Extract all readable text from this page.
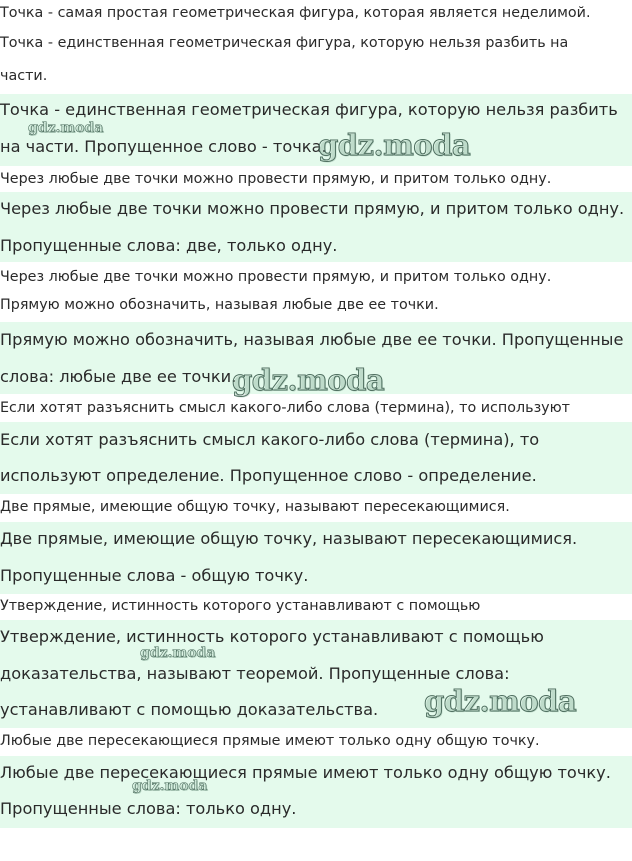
Точка - самая простая геометрическая фигура, которая является неделимой.
Точка - единственная геометрическая фигура, которую нельзя разбить на
части.
Точка - единственная геометрическая фигура, которую нельзя разбить
на части. Пропущенное слово - точка.
Через любые две точки можно провести прямую, и притом только одну.
Через любые две точки можно провести прямую, и притом только одну.
Пропущенные слова: две, только одну.
Через любые две точки можно провести прямую, и притом только одну.
Прямую можно обозначить, называя любые две ее точки.
Прямую можно обозначить, называя любые две ее точки. Пропущенные
слова: любые две ее точки.
Если хотят разъяснить смысл какого-либо слова (термина), то используют
Если хотят разъяснить смысл какого-либо слова (термина), то
используют определение. Пропущенное слово - определение.
Две прямые, имеющие общую точку, называют пересекающимися.
Две прямые, имеющие общую точку, называют пересекающимися.
Пропущенные слова - общую точку.
Утверждение, истинность которого устанавливают с помощью
Утверждение, истинность которого устанавливают с помощью
доказательства, называют теоремой. Пропущенные слова:
устанавливают с помощью доказательства.
Любые две пересекающиеся прямые имеют только одну общую точку.
Любые две пересекающиеся прямые имеют только одну общую точку.
Пропущенные слова: только одну.
gdz.moda	gdz.moda
gdz.moda
gdz.moda
gdz.moda
gdz.moda
